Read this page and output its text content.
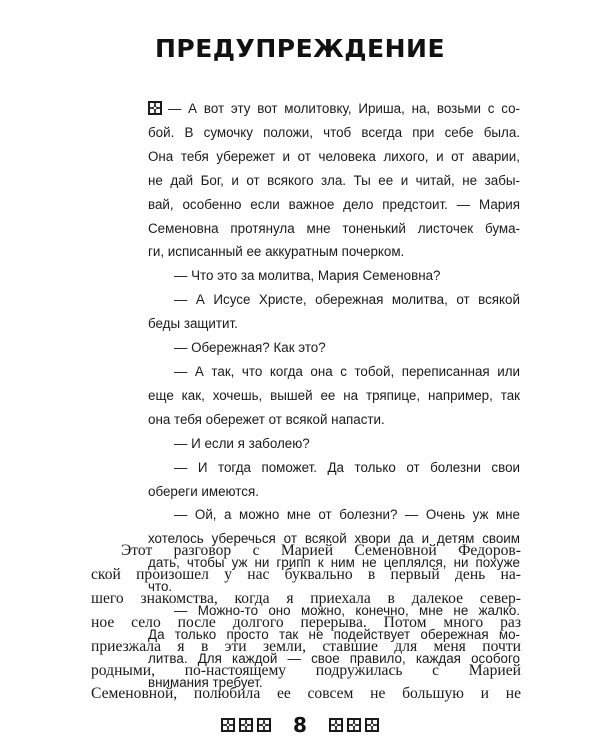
ПРЕДУПРЕЖДЕНИЕ
— А вот эту вот молитовку, Ириша, на, возьми с со-
бой. В сумочку положи, чтоб всегда при себе была.
Она тебя убережет и от человека лихого, и от аварии,
не дай Бог, и от всякого зла. Ты ее и читай, не забы-
вай, особенно если важное дело предстоит. — Мария
Семеновна протянула мне тоненький листочек бума-
ги, исписанный ее аккуратным почерком.
— Что это за молитва, Мария Семеновна?
— А Исусе Христе, обережная молитва, от всякой
беды защитит.
— Обережная? Как это?
— А так, что когда она с тобой, переписанная или
еще как, хочешь, вышей ее на тряпице, например, так
она тебя обережет от всякой напасти.
— И если я заболею?
— И тогда поможет. Да только от болезни свои
обереги имеются.
— Ой, а можно мне от болезни? — Очень уж мне
хотелось уберечься от всякой хвори да и детям своим
дать, чтобы уж ни грипп к ним не цеплялся, ни похуже
что.
— Можно-то оно можно, конечно, мне не жалко.
Да только просто так не подействует обережная мо-
литва. Для каждой — свое правило, каждая особого
внимания требует.
Этот разговор с Марией Семеновной Федоров-
ской произошел у нас буквально в первый день на-
шего знакомства, когда я приехала в далекое север-
ное село после долгого перерыва. Потом много раз
приезжала я в эти земли, ставшие для меня почти
родными, по-настоящему подружилась с Марией
Семеновной, полюбила ее совсем не большую и не
8
